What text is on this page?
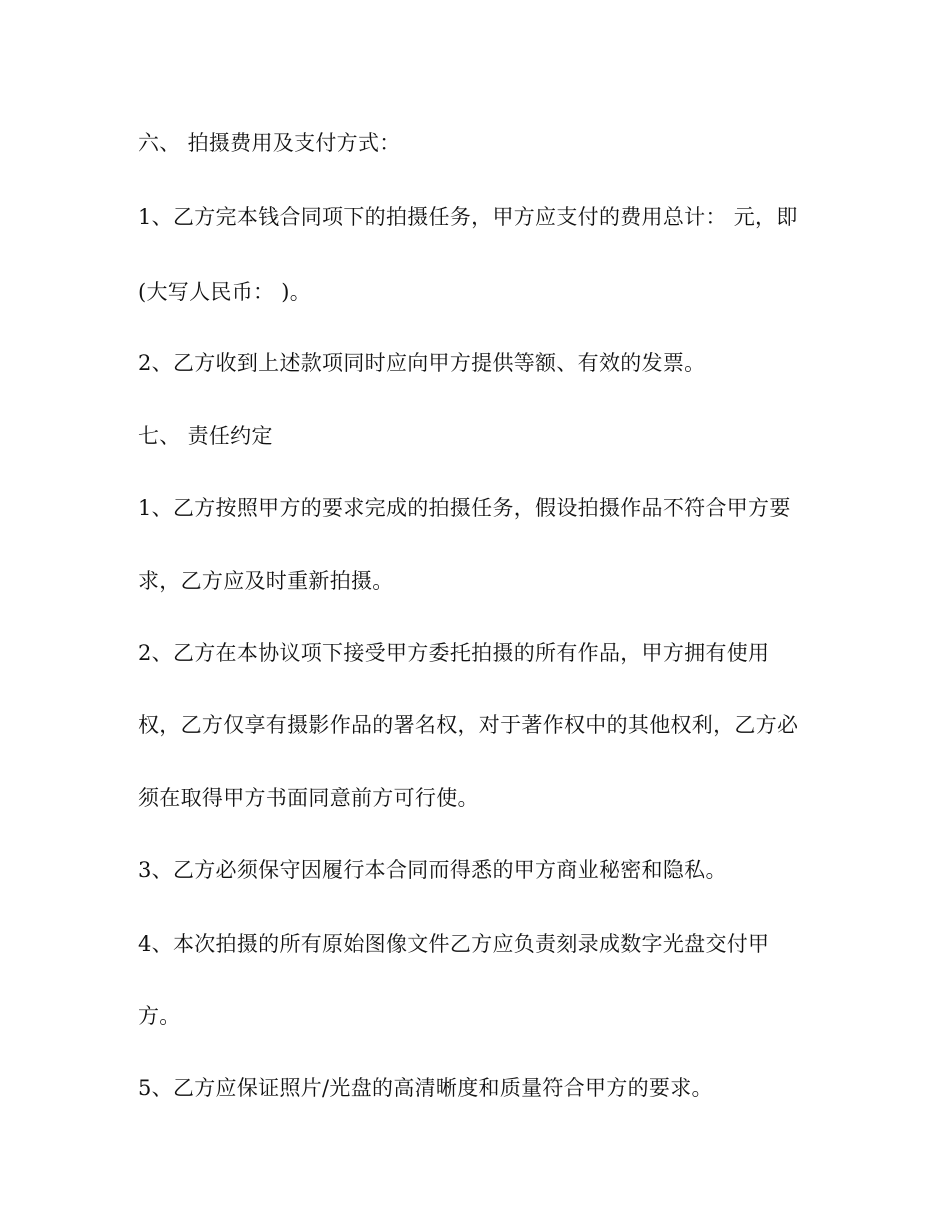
六、 拍摄费用及支付方式：

1、乙方完本钱合同项下的拍摄任务，甲方应支付的费用总计： 元，即

(大写人民币： )。

2、乙方收到上述款项同时应向甲方提供等额、有效的发票。

七、 责任约定

1、乙方按照甲方的要求完成的拍摄任务，假设拍摄作品不符合甲方要

求，乙方应及时重新拍摄。

2、乙方在本协议项下接受甲方委托拍摄的所有作品，甲方拥有使用

权，乙方仅享有摄影作品的署名权，对于著作权中的其他权利，乙方必

须在取得甲方书面同意前方可行使。

3、乙方必须保守因履行本合同而得悉的甲方商业秘密和隐私。

4、本次拍摄的所有原始图像文件乙方应负责刻录成数字光盘交付甲

方。

5、乙方应保证照片/光盘的高清晰度和质量符合甲方的要求。
